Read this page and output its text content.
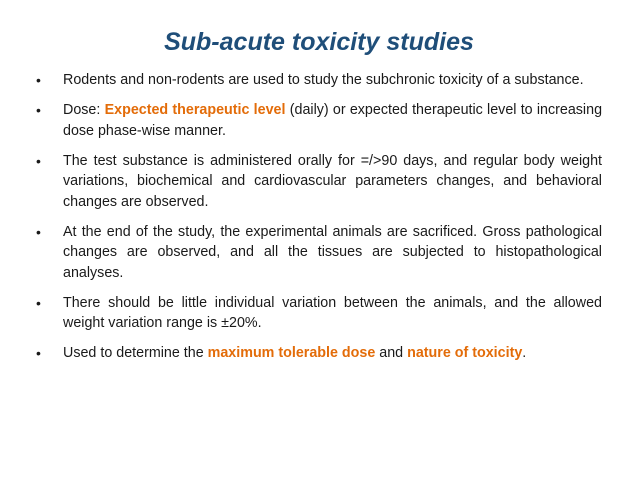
Sub-acute toxicity studies
• Rodents and non-rodents are used to study the subchronic toxicity of a substance.
• Dose: Expected therapeutic level (daily) or expected therapeutic level to increasing dose phase-wise manner.
• The test substance is administered orally for =/>90 days, and regular body weight variations, biochemical and cardiovascular parameters changes, and behavioral changes are observed.
• At the end of the study, the experimental animals are sacrificed. Gross pathological changes are observed, and all the tissues are subjected to histopathological analyses.
• There should be little individual variation between the animals, and the allowed weight variation range is ±20%.
• Used to determine the maximum tolerable dose and nature of toxicity.
